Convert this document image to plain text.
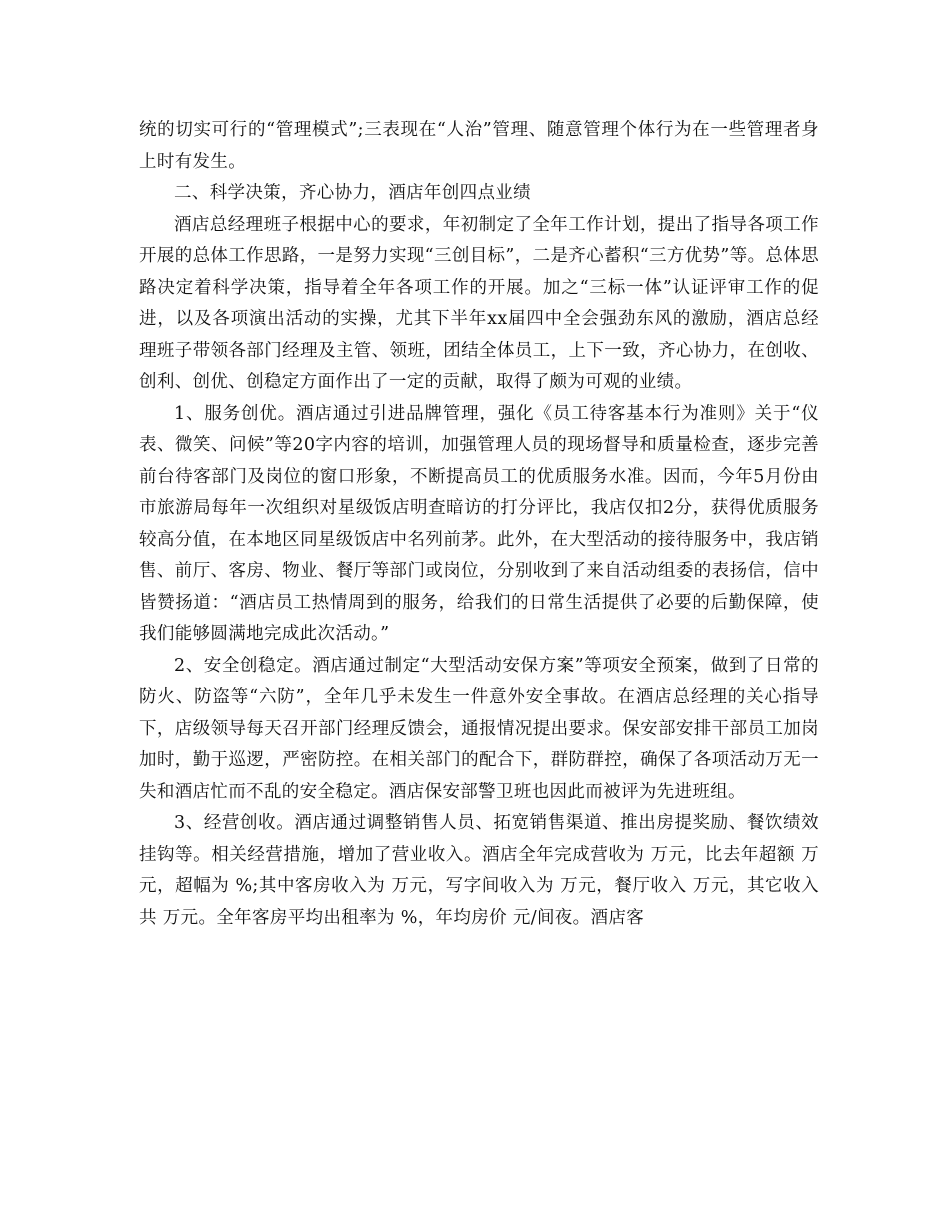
统的切实可行的“管理模式”;三表现在“人治”管理、随意管理个体行为在一些管理者身上时有发生。

二、科学决策，齐心协力，酒店年创四点业绩

酒店总经理班子根据中心的要求，年初制定了全年工作计划，提出了指导各项工作开展的总体工作思路，一是努力实现“三创目标”，二是齐心蓄积“三方优势”等。总体思路决定着科学决策，指导着全年各项工作的开展。加之“三标一体”认证评审工作的促进，以及各项演出活动的实操，尤其下半年xx届四中全会强劲东风的激励，酒店总经理班子带领各部门经理及主管、领班，团结全体员工，上下一致，齐心协力，在创收、创利、创优、创稳定方面作出了一定的贡献，取得了颇为可观的业绩。

1、服务创优。酒店通过引进品牌管理，强化《员工待客基本行为准则》关于“仪表、微笑、问候”等20字内容的培训，加强管理人员的现场督导和质量检查，逐步完善前台待客部门及岗位的窗口形象，不断提高员工的优质服务水准。因而，今年5月份由市旅游局每年一次组织对星级饭店明查暗访的打分评比，我店仅扣2分，获得优质服务较高分值，在本地区同星级饭店中名列前茅。此外，在大型活动的接待服务中，我店销售、前厅、客房、物业、餐厅等部门或岗位，分别收到了来自活动组委的表扬信，信中皆赞扬道：“酒店员工热情周到的服务，给我们的日常生活提供了必要的后勤保障，使我们能够圆满地完成此次活动。”

2、安全创稳定。酒店通过制定“大型活动安保方案”等项安全预案，做到了日常的防火、防盗等“六防”，全年几乎未发生一件意外安全事故。在酒店总经理的关心指导下，店级领导每天召开部门经理反馈会，通报情况提出要求。保安部安排干部员工加岗加时，勤于巡逻，严密防控。在相关部门的配合下，群防群控，确保了各项活动万无一失和酒店忙而不乱的安全稳定。酒店保安部警卫班也因此而被评为先进班组。

3、经营创收。酒店通过调整销售人员、拓宽销售渠道、推出房提奖励、餐饮绩效挂钩等。相关经营措施，增加了营业收入。酒店全年完成营收为 万元，比去年超额 万元，超幅为 %;其中客房收入为 万元，写字间收入为 万元，餐厅收入 万元，其它收入共 万元。全年客房平均出租率为 %，年均房价 元/间夜。酒店客
